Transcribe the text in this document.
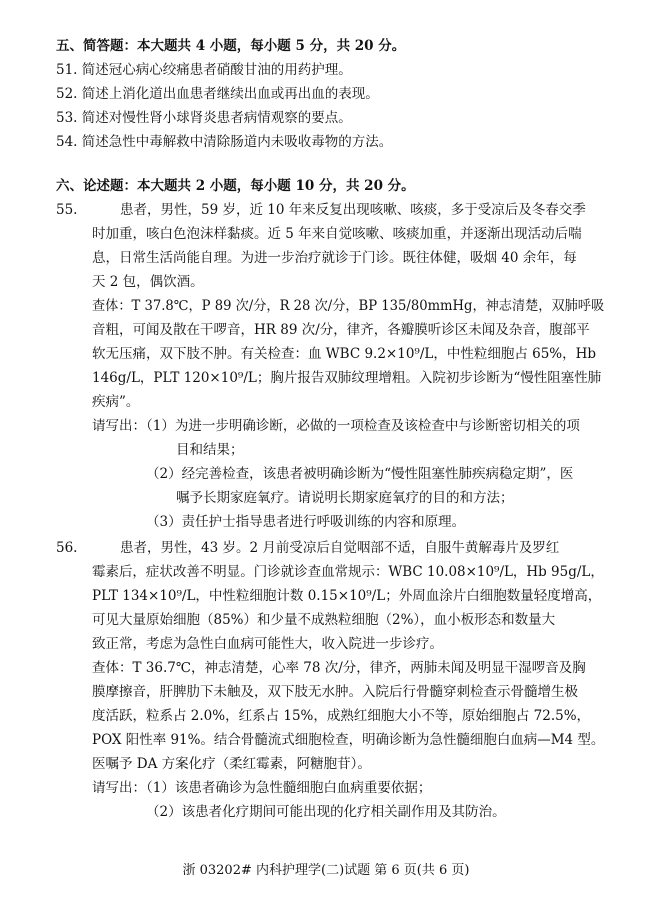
五、简答题：本大题共 4 小题，每小题 5 分，共 20 分。
51. 简述冠心病心绞痛患者硝酸甘油的用药护理。
52. 简述上消化道出血患者继续出血或再出血的表现。
53. 简述对慢性肾小球肾炎患者病情观察的要点。
54. 简述急性中毒解救中清除肠道内未吸收毒物的方法。
六、论述题：本大题共 2 小题，每小题 10 分，共 20 分。
55.	患者，男性，59 岁，近 10 年来反复出现咳嗽、咳痰，多于受凉后及冬春交季
时加重，咳白色泡沫样黏痰。近 5 年来自觉咳嗽、咳痰加重，并逐渐出现活动后喘
息，日常生活尚能自理。为进一步治疗就诊于门诊。既往体健，吸烟 40 余年，每
天 2 包，偶饮酒。
查体：T 37.8℃，P 89 次/分，R 28 次/分，BP 135/80mmHg，神志清楚，双肺呼吸
音粗，可闻及散在干啰音，HR 89 次/分，律齐，各瓣膜听诊区未闻及杂音，腹部平
软无压痛，双下肢不肿。有关检查：血 WBC 9.2×10⁹/L，中性粒细胞占 65%，Hb
146g/L，PLT 120×10⁹/L；胸片报告双肺纹理增粗。入院初步诊断为“慢性阻塞性肺
疾病”。
请写出：（1）为进一步明确诊断，必做的一项检查及该检查中与诊断密切相关的项
目和结果；
（2）经完善检查，该患者被明确诊断为“慢性阻塞性肺疾病稳定期”，医
嘱予长期家庭氧疗。请说明长期家庭氧疗的目的和方法；
（3）责任护士指导患者进行呼吸训练的内容和原理。
56.	患者，男性，43 岁。2 月前受凉后自觉咽部不适，自服牛黄解毒片及罗红
霉素后，症状改善不明显。门诊就诊查血常规示：WBC 10.08×10⁹/L，Hb 95g/L，
PLT 134×10⁹/L，中性粒细胞计数 0.15×10⁹/L；外周血涂片白细胞数量轻度增高，
可见大量原始细胞（85%）和少量不成熟粒细胞（2%），血小板形态和数量大
致正常，考虑为急性白血病可能性大，收入院进一步诊疗。
查体：T 36.7℃，神志清楚，心率 78 次/分，律齐，两肺未闻及明显干湿啰音及胸
膜摩擦音，肝脾肋下未触及，双下肢无水肿。入院后行骨髓穿刺检查示骨髓增生极
度活跃，粒系占 2.0%，红系占 15%，成熟红细胞大小不等，原始细胞占 72.5%，
POX 阳性率 91%。结合骨髓流式细胞检查，明确诊断为急性髓细胞白血病—M4 型。
医嘱予 DA 方案化疗（柔红霉素，阿糖胞苷）。
请写出：（1）该患者确诊为急性髓细胞白血病重要依据；
（2）该患者化疗期间可能出现的化疗相关副作用及其防治。
浙 03202# 内科护理学(二)试题 第 6 页(共 6 页)
